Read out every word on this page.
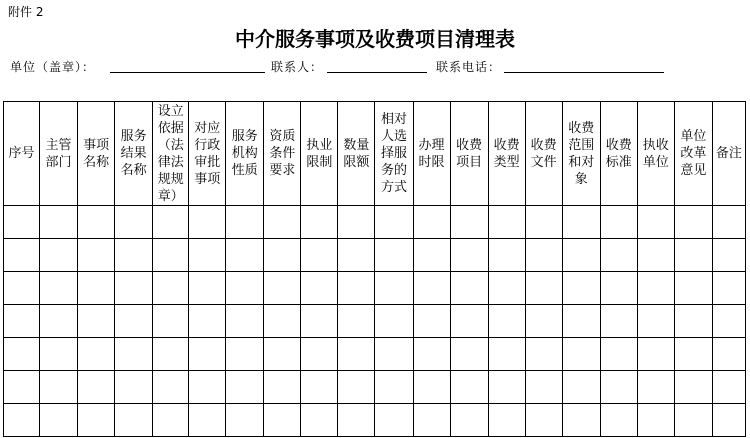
附件 2
中介服务事项及收费项目清理表
单位（盖章）：	联系人：	联系电话：
序号	主管部门	事项名称	服务结果名称	设立依据（法律法规规章）	对应行政审批事项	服务机构性质	资质条件要求	执业限制	数量限额	相对人选择服务的方式	办理时限	收费项目	收费类型	收费文件	收费范围和对象	收费标准	执收单位	单位改革意见	备注
